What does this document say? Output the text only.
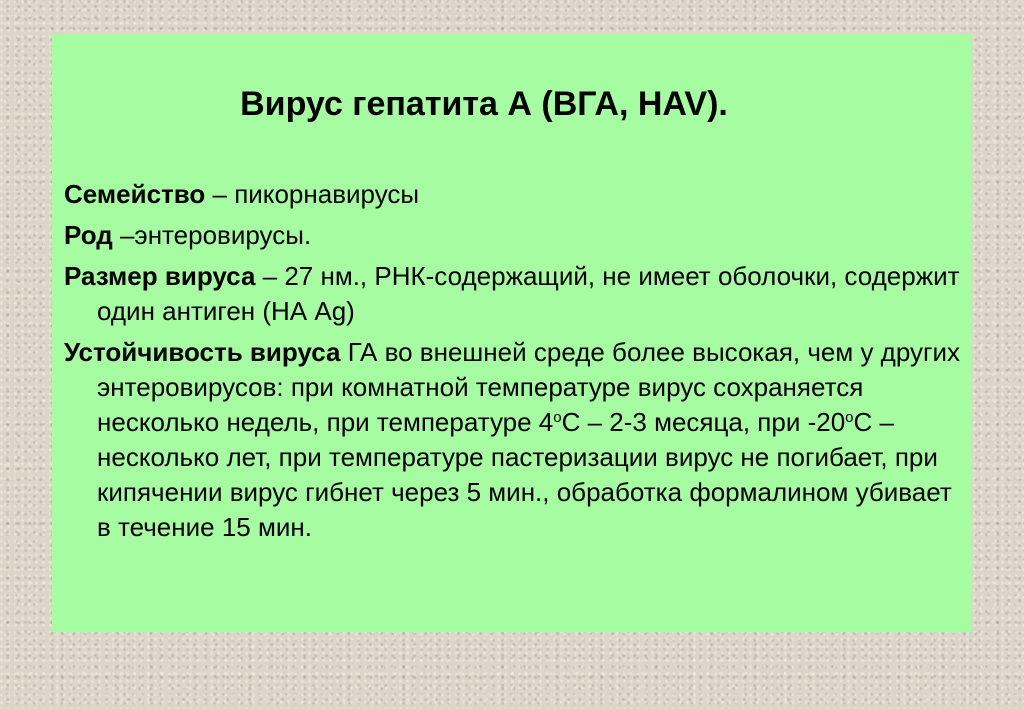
Вирус гепатита А (ВГА, HAV).

Семейство – пикорнавирусы

Род –энтеровирусы.

Размер вируса – 27 нм., РНК-содержащий, не имеет оболочки, содержит один антиген (НА Ag)

Устойчивость вируса ГА во внешней среде более высокая, чем у других энтеровирусов: при комнатной температуре вирус сохраняется несколько недель, при температуре $4^оС - 2-3$ месяца, при $-20^оС$ – несколько лет, при температуре пастеризации вирус не погибает, при кипячении вирус гибнет через 5 мин., обработка формалином убивает в течение 15 мин.
